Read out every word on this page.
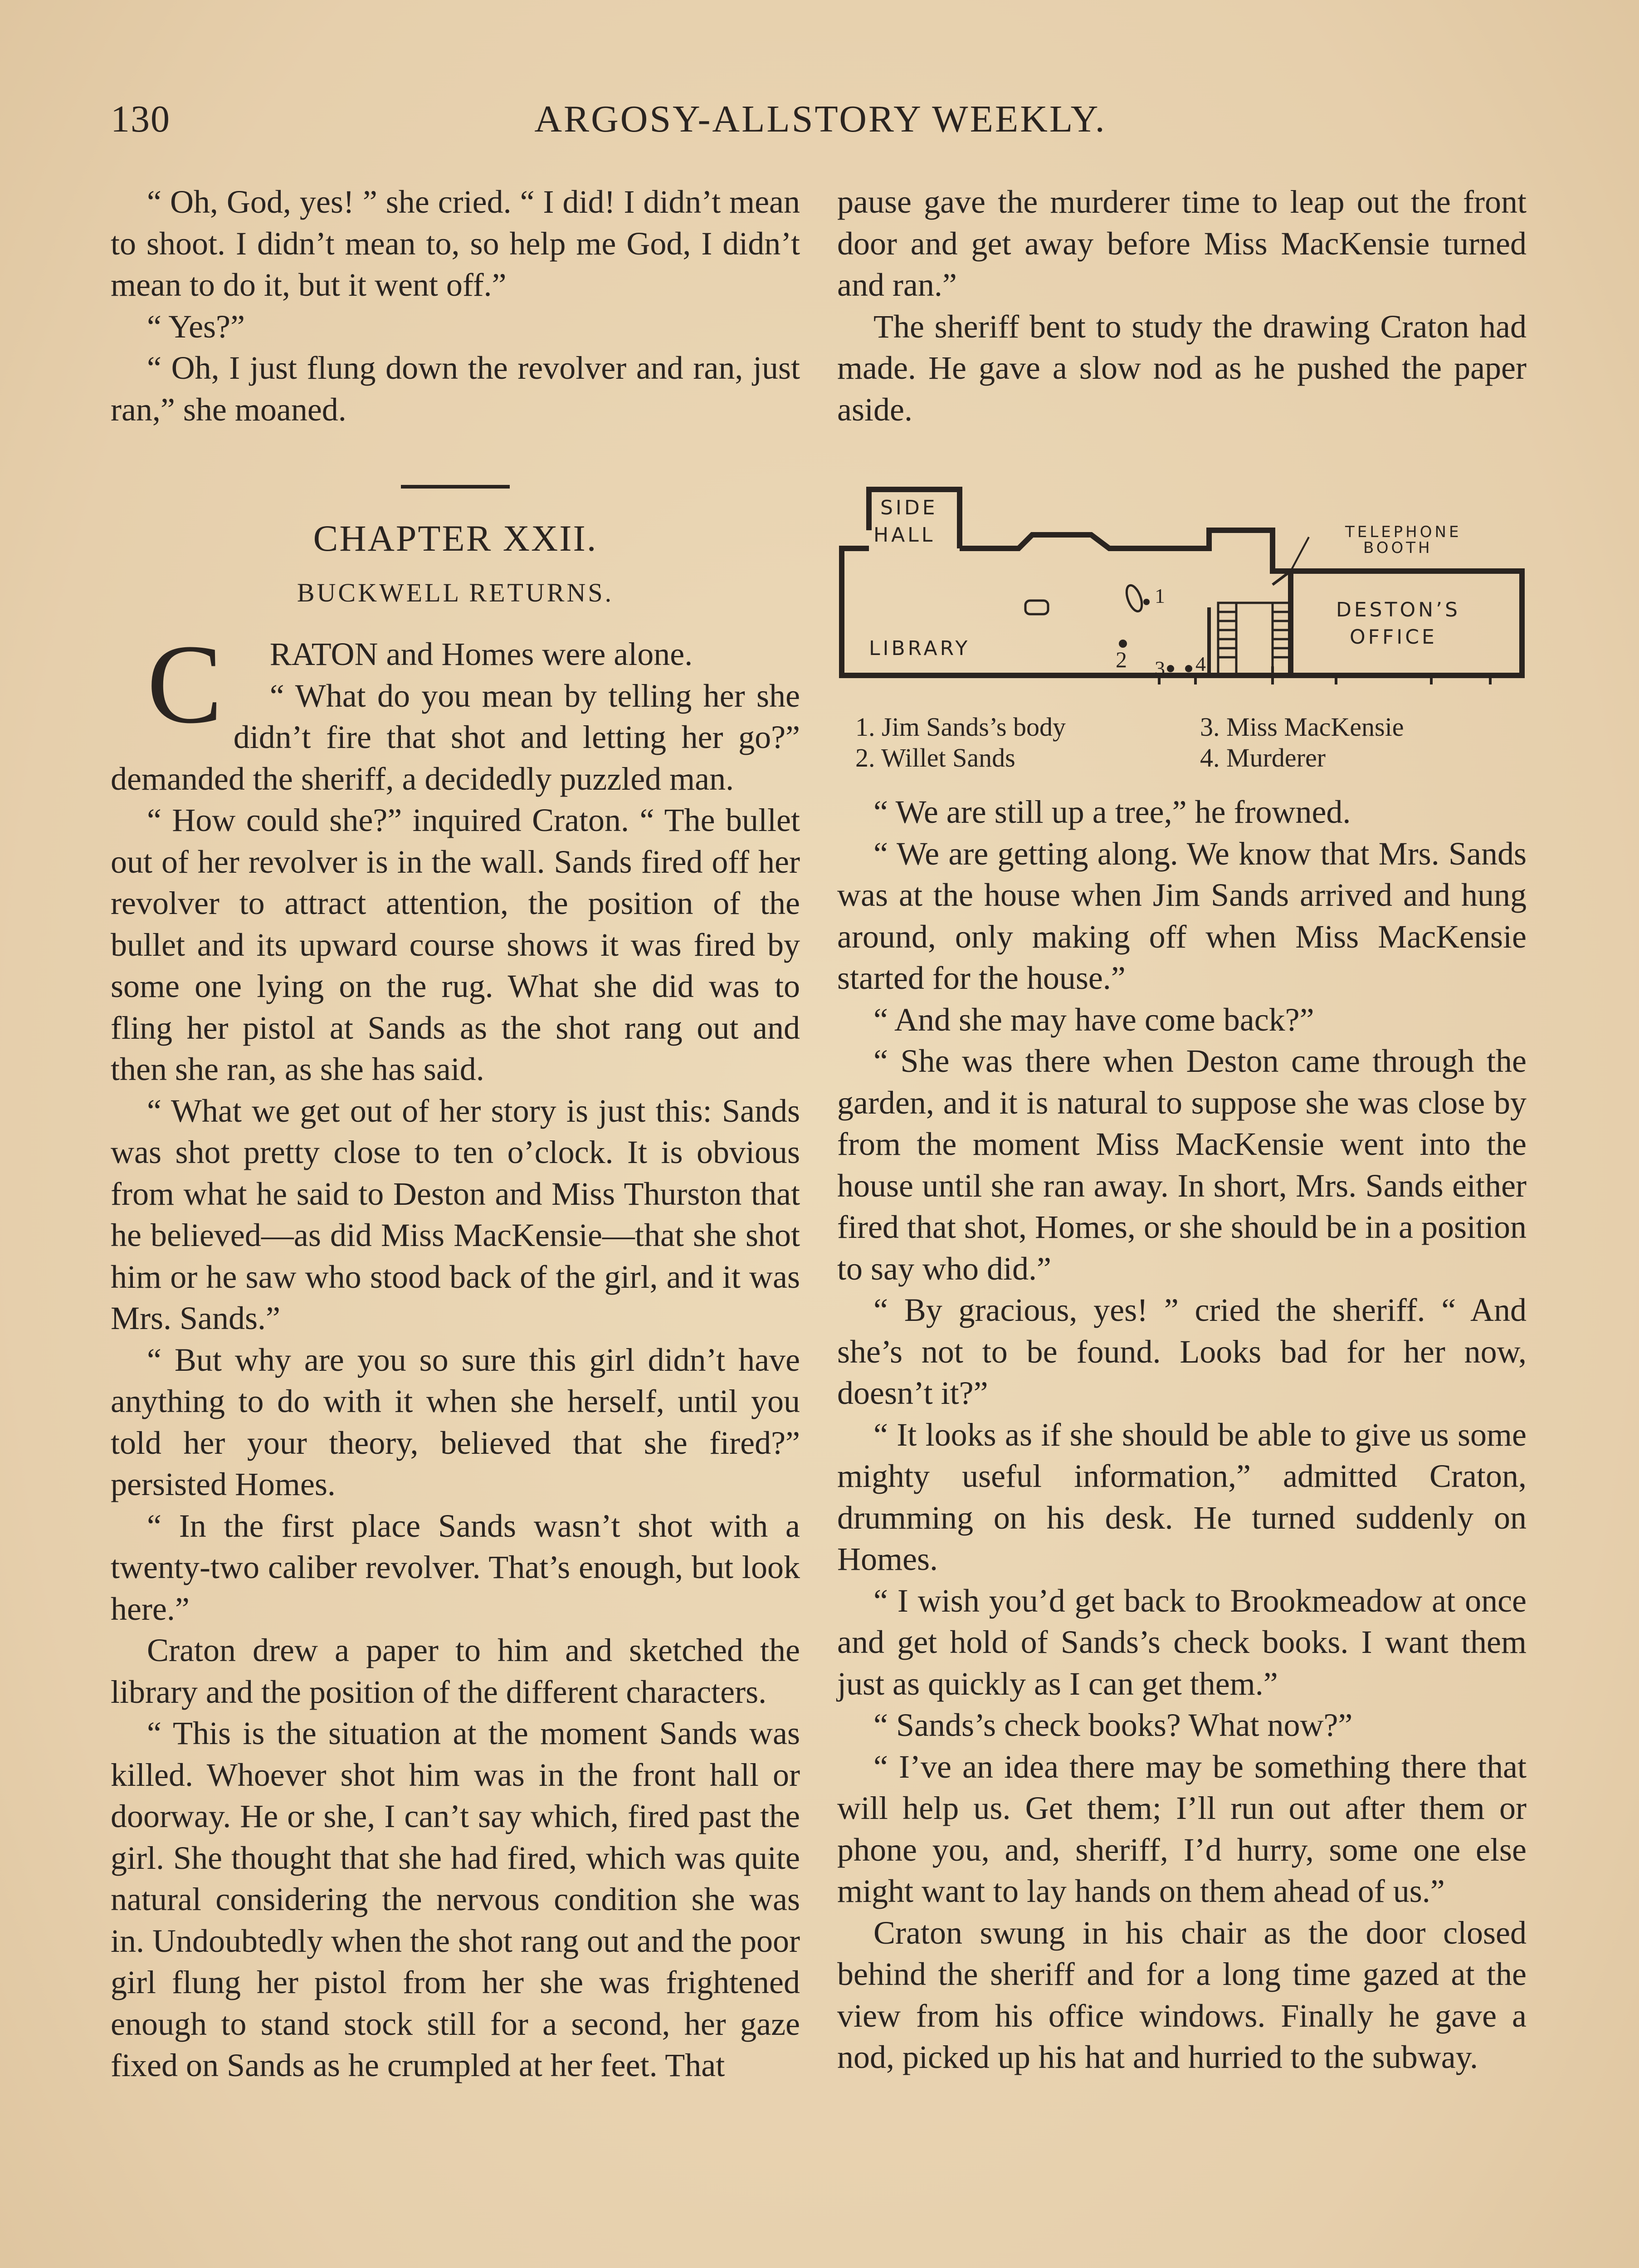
130	ARGOSY-ALLSTORY WEEKLY.

“ Oh, God, yes! ” she cried. “ I did! I didn’t mean to shoot. I didn’t mean to, so help me God, I didn’t mean to do it, but it went off.”

“ Yes?”

“ Oh, I just flung down the revolver and ran, just ran,” she moaned.

CHAPTER XXII.
BUCKWELL RETURNS.

C RATON and Homes were alone.

“ What do you mean by telling her she didn’t fire that shot and letting her go?” demanded the sheriff, a decidedly puzzled man.

“ How could she?” inquired Craton. “ The bullet out of her revolver is in the wall. Sands fired off her revolver to attract attention, the position of the bullet and its upward course shows it was fired by some one lying on the rug. What she did was to fling her pistol at Sands as the shot rang out and then she ran, as she has said.

“ What we get out of her story is just this: Sands was shot pretty close to ten o’clock. It is obvious from what he said to Deston and Miss Thurston that he believed—as did Miss MacKensie—that she shot him or he saw who stood back of the girl, and it was Mrs. Sands.”

“ But why are you so sure this girl didn’t have anything to do with it when she herself, until you told her your theory, believed that she fired?” persisted Homes.

“ In the first place Sands wasn’t shot with a twenty-two caliber revolver. That’s enough, but look here.”

Craton drew a paper to him and sketched the library and the position of the different characters.

“ This is the situation at the moment Sands was killed. Whoever shot him was in the front hall or doorway. He or she, I can’t say which, fired past the girl. She thought that she had fired, which was quite natural considering the nervous condition she was in. Undoubtedly when the shot rang out and the poor girl flung her pistol from her she was frightened enough to stand stock still for a second, her gaze fixed on Sands as he crumpled at her feet. That

pause gave the murderer time to leap out the front door and get away before Miss MacKensie turned and ran.”

The sheriff bent to study the drawing Craton had made. He gave a slow nod as he pushed the paper aside.

SIDE
HALL	TELEPHONE
BOOTH
LIBRARY
DESTON’S
OFFICE
1
2 3 4
1. Jim Sands’s body	3. Miss MacKensie
2. Willet Sands	4. Murderer

“ We are still up a tree,” he frowned.

“ We are getting along. We know that Mrs. Sands was at the house when Jim Sands arrived and hung around, only making off when Miss MacKensie started for the house.”

“ And she may have come back?”

“ She was there when Deston came through the garden, and it is natural to suppose she was close by from the moment Miss MacKensie went into the house until she ran away. In short, Mrs. Sands either fired that shot, Homes, or she should be in a position to say who did.”

“ By gracious, yes! ” cried the sheriff. “ And she’s not to be found. Looks bad for her now, doesn’t it?”

“ It looks as if she should be able to give us some mighty useful information,” admitted Craton, drumming on his desk. He turned suddenly on Homes.

“ I wish you’d get back to Brookmeadow at once and get hold of Sands’s check books. I want them just as quickly as I can get them.”

“ Sands’s check books? What now?”

“ I’ve an idea there may be something there that will help us. Get them; I’ll run out after them or phone you, and, sheriff, I’d hurry, some one else might want to lay hands on them ahead of us.”

Craton swung in his chair as the door closed behind the sheriff and for a long time gazed at the view from his office windows. Finally he gave a nod, picked up his hat and hurried to the subway.
